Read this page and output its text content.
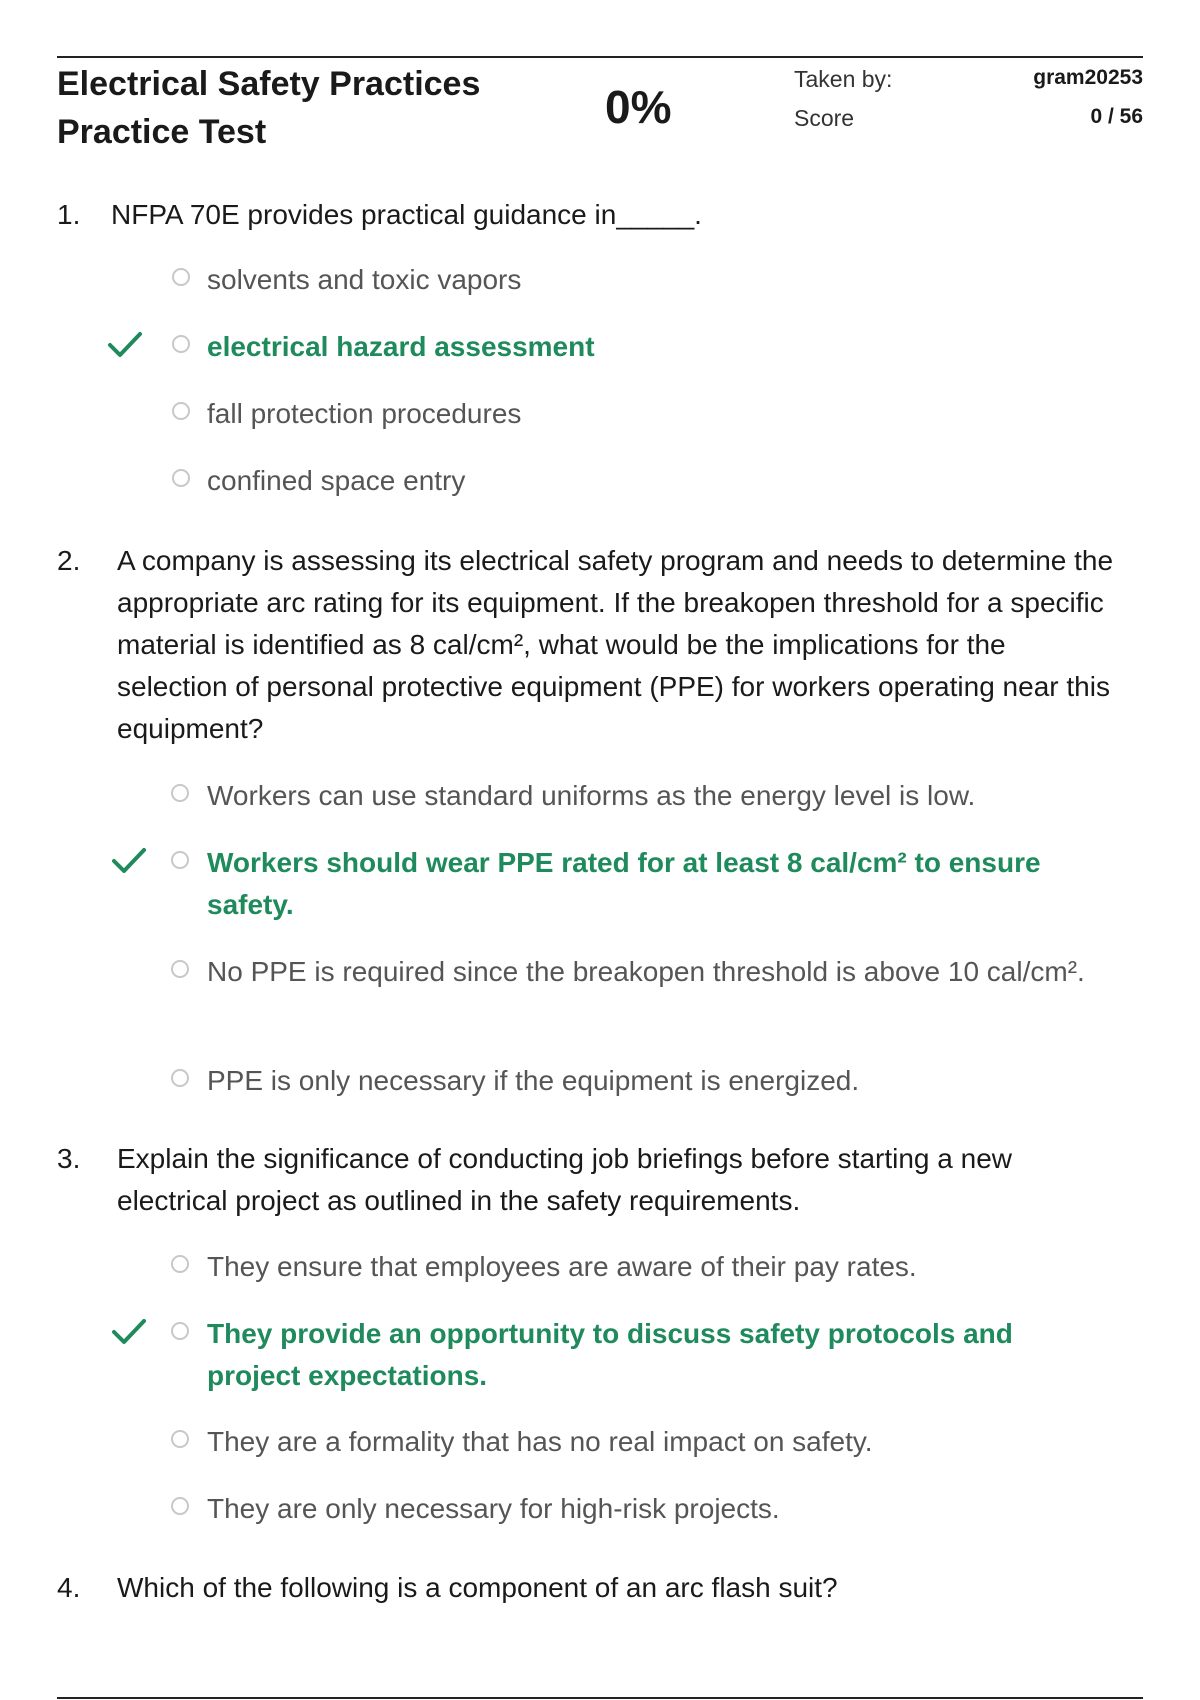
Electrical Safety Practices
Practice Test	0%
Taken by:	gram20253
Score	0 / 56
1. NFPA 70E provides practical guidance in_____.
solvents and toxic vapors
electrical hazard assessment
fall protection procedures
confined space entry
2. A company is assessing its electrical safety program and needs to determine the appropriate arc rating for its equipment. If the breakopen threshold for a specific material is identified as 8 cal/cm², what would be the implications for the selection of personal protective equipment (PPE) for workers operating near this equipment?
Workers can use standard uniforms as the energy level is low.
Workers should wear PPE rated for at least 8 cal/cm² to ensure safety.
No PPE is required since the breakopen threshold is above 10 cal/cm².
PPE is only necessary if the equipment is energized.
3. Explain the significance of conducting job briefings before starting a new electrical project as outlined in the safety requirements.
They ensure that employees are aware of their pay rates.
They provide an opportunity to discuss safety protocols and project expectations.
They are a formality that has no real impact on safety.
They are only necessary for high-risk projects.
4. Which of the following is a component of an arc flash suit?
